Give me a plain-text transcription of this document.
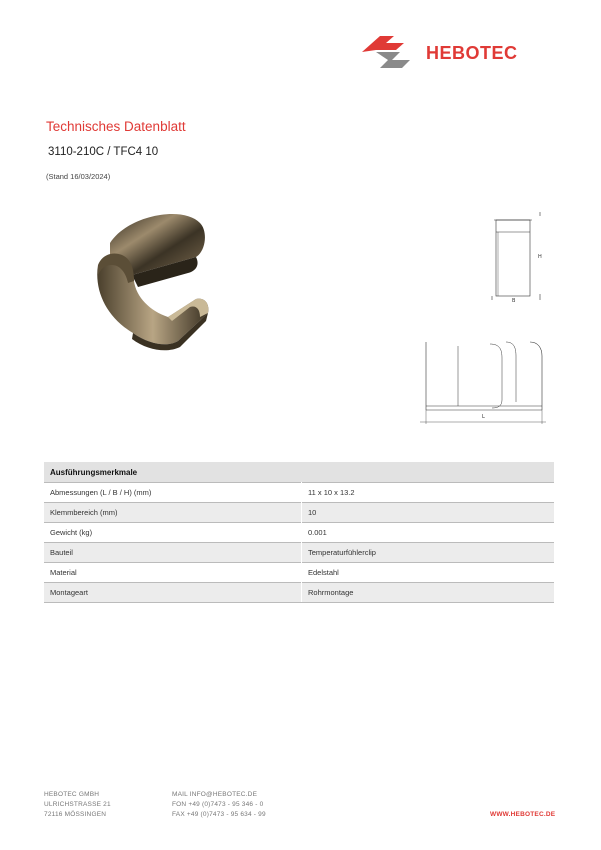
HEBOTEC
Technisches Datenblatt
3110-210C / TFC4 10
(Stand 16/03/2024)
H
B
L
Ausführungsmerkmale	
Abmessungen (L / B / H) (mm)	11 x 10 x 13.2
Klemmbereich (mm)	10
Gewicht (kg)	0.001
Bauteil	Temperaturfühlerclip
Material	Edelstahl
Montageart	Rohrmontage
HEBOTEC GMBH
ULRICHSTRASSE 21
72116 MÖSSINGEN
MAIL INFO@HEBOTEC.DE
FON +49 (0)7473 - 95 346 - 0
FAX +49 (0)7473 - 95 634 - 99	WWW.HEBOTEC.DE
